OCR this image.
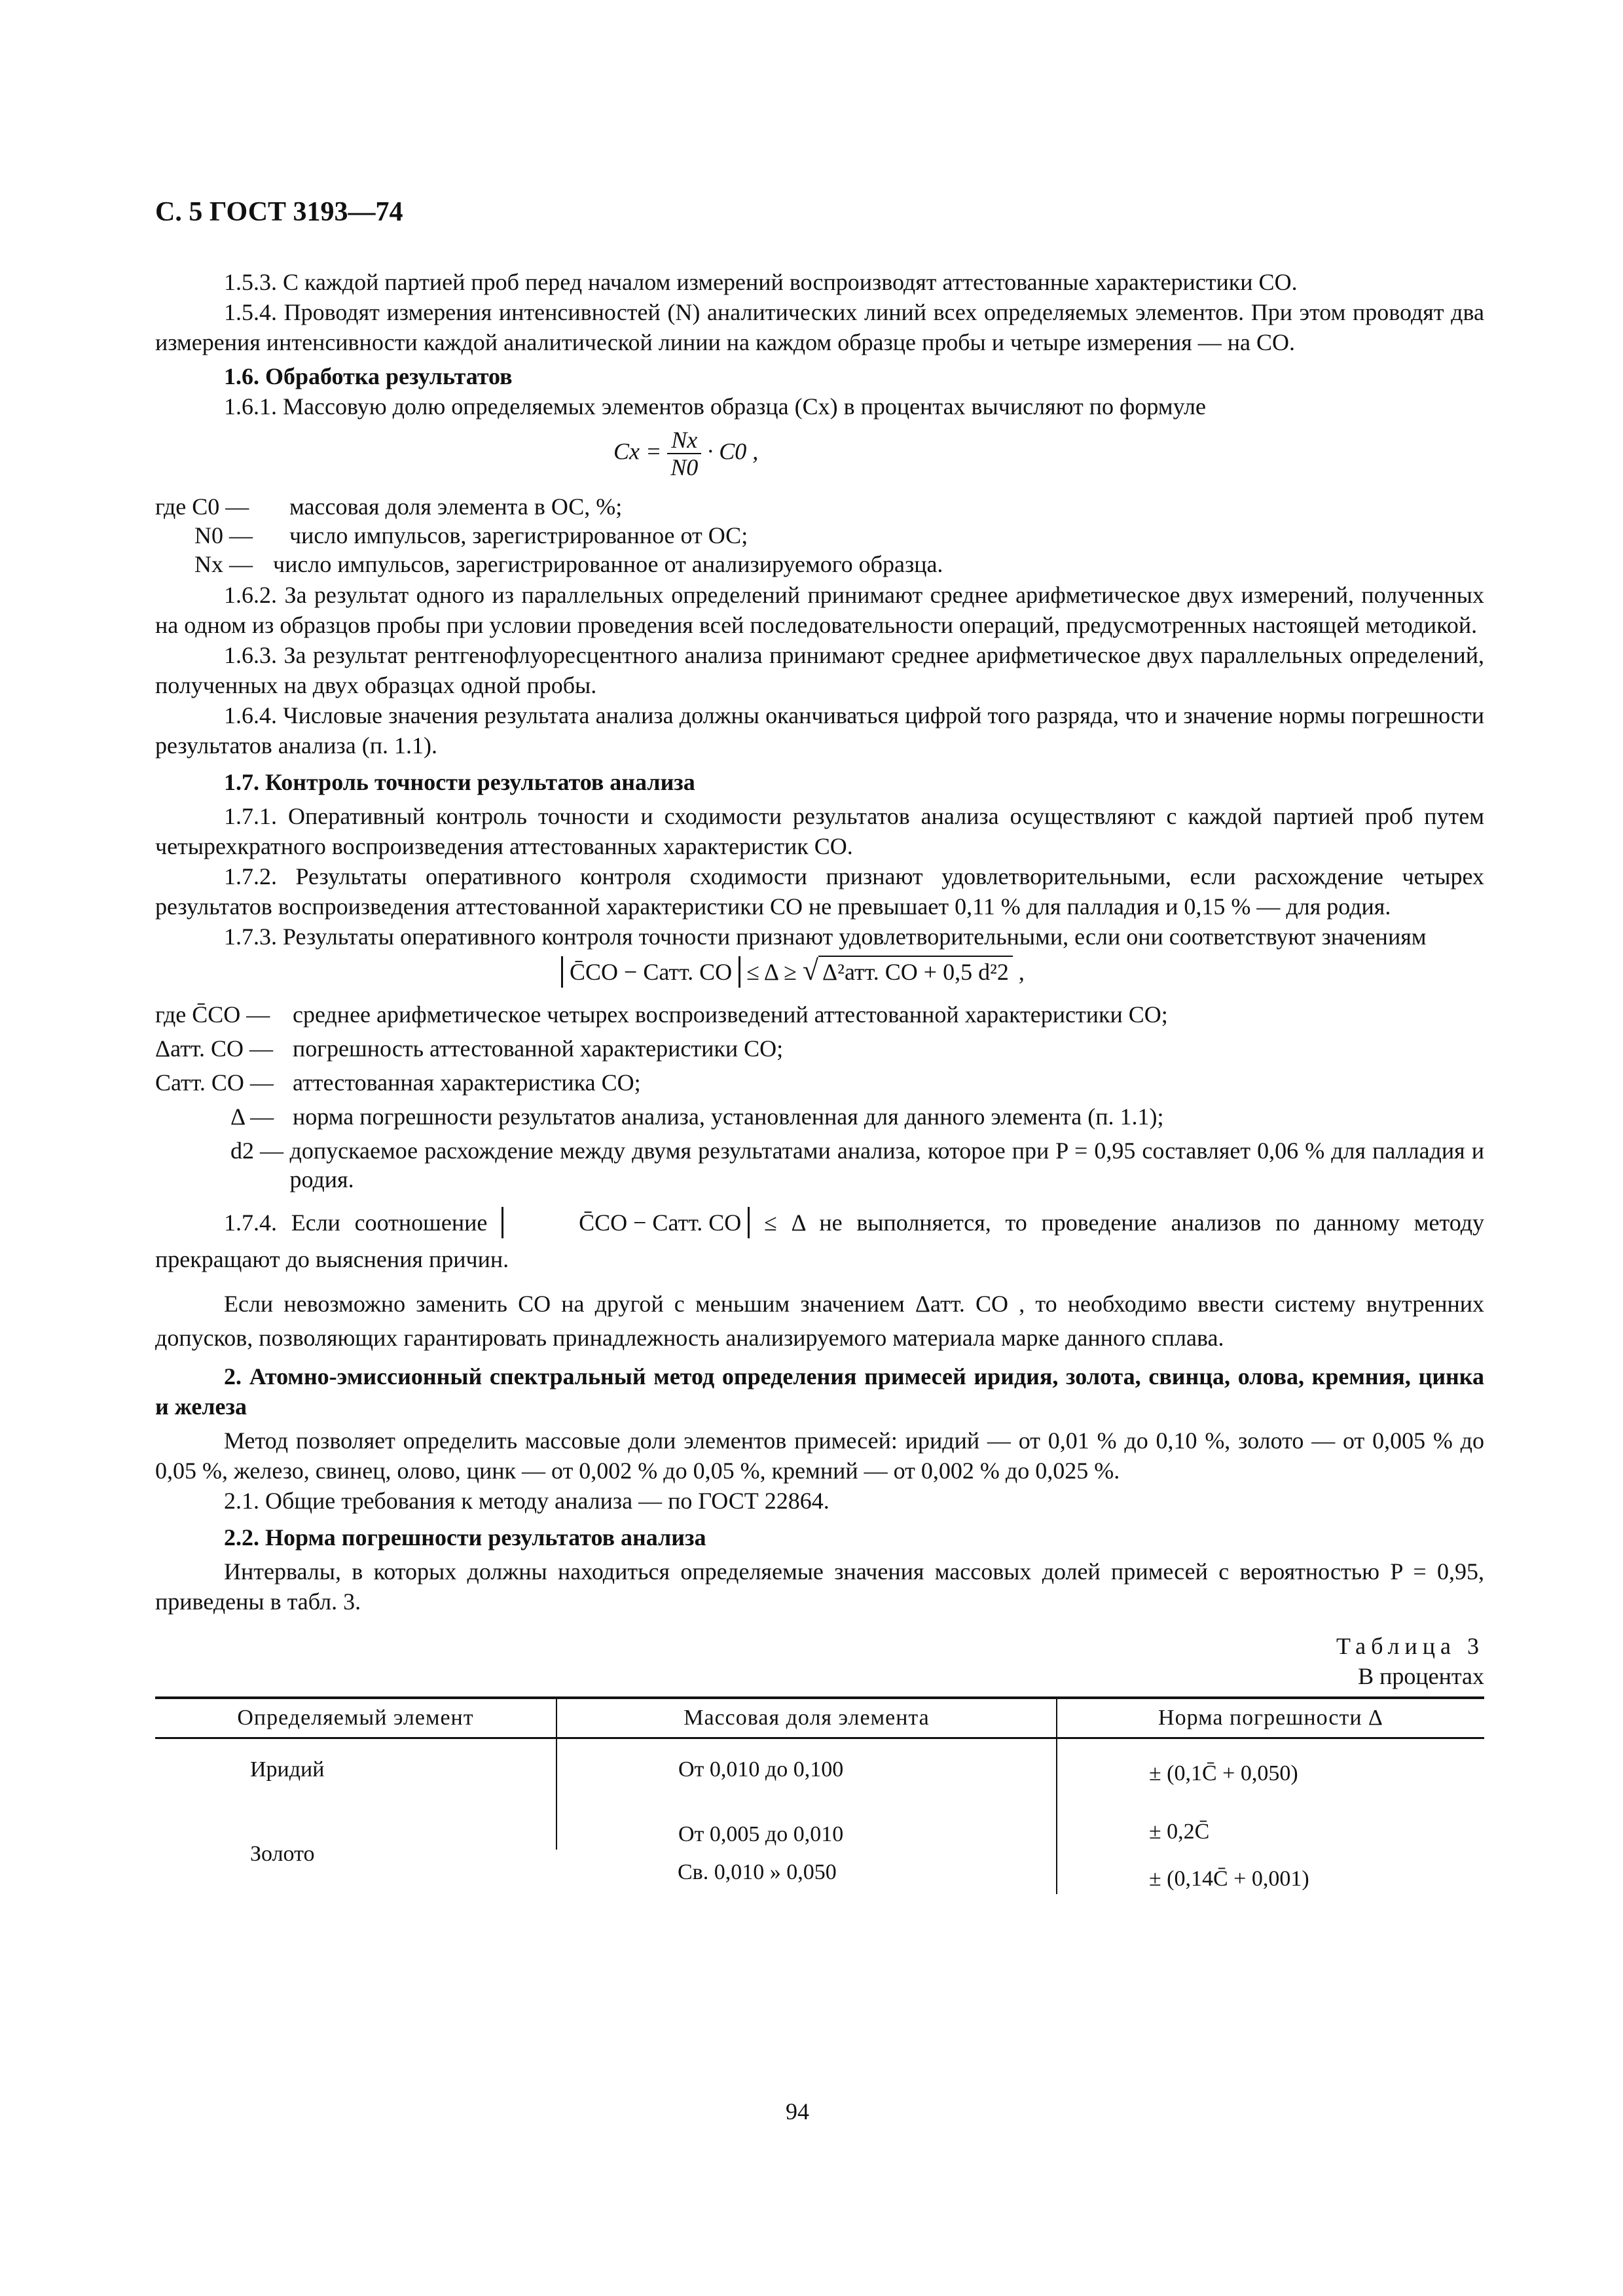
С. 5 ГОСТ 3193—74

1.5.3. С каждой партией проб перед началом измерений воспроизводят аттестованные характеристики СО.

1.5.4. Проводят измерения интенсивностей (N) аналитических линий всех определяемых элементов. При этом проводят два измерения интенсивности каждой аналитической линии на каждом образце пробы и четыре измерения — на СО.

1.6. Обработка результатов

1.6.1. Массовую долю определяемых элементов образца (Cx) в процентах вычисляют по формуле

$Cx = \frac{Nx}{N0} \cdot C0$ ,
где C0 —	массовая доля элемента в ОС, %;
N0 —	число импульсов, зарегистрированное от ОС;
Nx — число импульсов, зарегистрированное от анализируемого образца.

1.6.2. За результат одного из параллельных определений принимают среднее арифметическое двух измерений, полученных на одном из образцов пробы при условии проведения всей последовательности операций, предусмотренных настоящей методикой.

1.6.3. За результат рентгенофлуоресцентного анализа принимают среднее арифметическое двух параллельных определений, полученных на двух образцах одной пробы.

1.6.4. Числовые значения результата анализа должны оканчиваться цифрой того разряда, что и значение нормы погрешности результатов анализа (п. 1.1).

1.7. Контроль точности результатов анализа

1.7.1. Оперативный контроль точности и сходимости результатов анализа осуществляют с каждой партией проб путем четырехкратного воспроизведения аттестованных характеристик СО.

1.7.2. Результаты оперативного контроля сходимости признают удовлетворительными, если расхождение четырех результатов воспроизведения аттестованной характеристики СО не превышает 0,11 % для палладия и 0,15 % — для родия.

1.7.3. Результаты оперативного контроля точности признают удовлетворительными, если они соответствуют значениям

C̄CO − Cатт. CO ≤ Δ ≥ √ Δ²атт. CO + 0,5 d²2 ,
где C̄CO — среднее арифметическое четырех воспроизведений аттестованной характеристики СО;
Δатт. CO — погрешность аттестованной характеристики СО;
Cатт. CO — аттестованная характеристика СО;
Δ — норма погрешности результатов анализа, установленная для данного элемента (п. 1.1);
d2 — допускаемое расхождение между двумя результатами анализа, которое при P = 0,95 составляет 0,06 % для палладия и родия.

1.7.4. Если соотношение	C̄CO − Cатт. CO ≤ Δ не выполняется, то проведение анализов по данному методу прекращают до выяснения причин.

Если невозможно заменить СО на другой с меньшим значением Δатт. CO , то необходимо ввести систему внутренних допусков, позволяющих гарантировать принадлежность анализируемого материала марке данного сплава.

2. Атомно-эмиссионный спектральный метод определения примесей иридия, золота, свинца, олова, кремния, цинка и железа

Метод позволяет определить массовые доли элементов примесей: иридий — от 0,01 % до 0,10 %, золото — от 0,005 % до 0,05 %, железо, свинец, олово, цинк — от 0,002 % до 0,05 %, кремний — от 0,002 % до 0,025 %.

2.1. Общие требования к методу анализа — по ГОСТ 22864.

2.2. Норма погрешности результатов анализа

Интервалы, в которых должны находиться определяемые значения массовых долей примесей с вероятностью P = 0,95, приведены в табл. 3.

Таблица 3
В процентах
Определяемый элемент	Массовая доля элемента	Норма погрешности Δ
Иридий	От 0,010 до 0,100	± (0,1C̄ + 0,050)
Золото	От 0,005 до 0,010	± 0,2C̄
	Св. 0,010 » 0,050	± (0,14C̄ + 0,001)
94
